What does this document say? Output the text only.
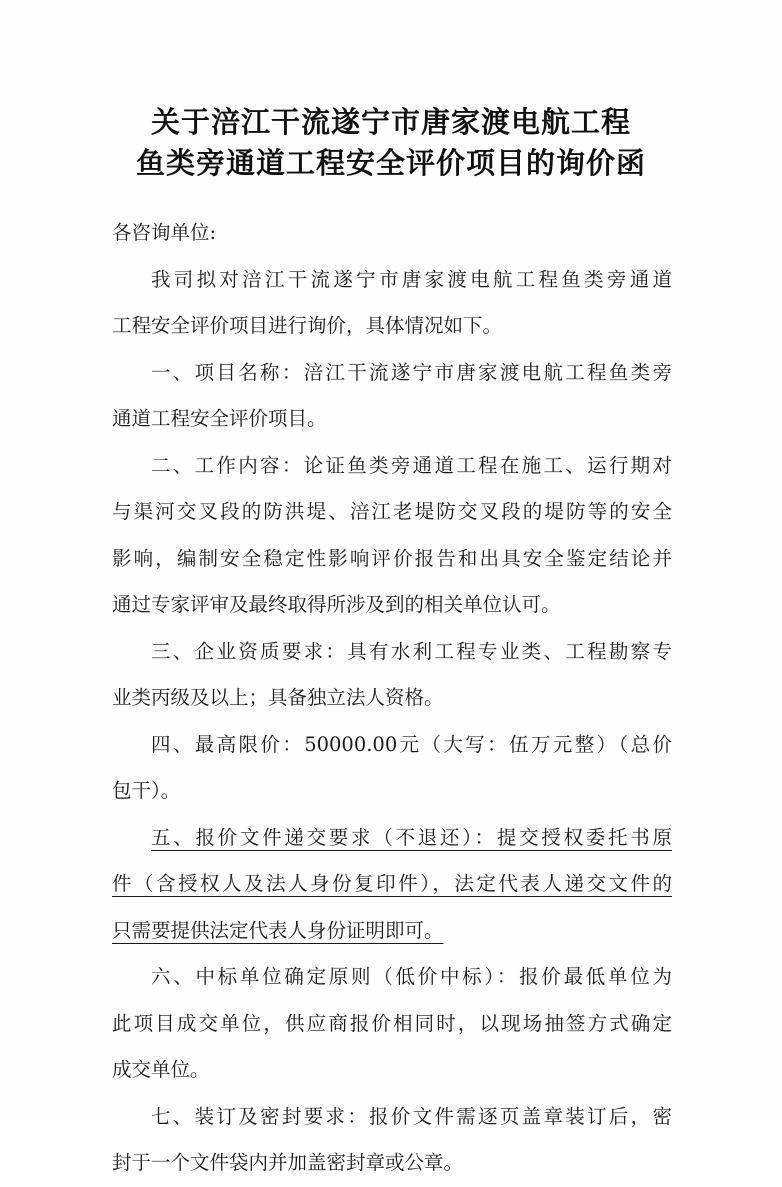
关于涪江干流遂宁市唐家渡电航工程
鱼类旁通道工程安全评价项目的询价函
各咨询单位:
我司拟对涪江干流遂宁市唐家渡电航工程鱼类旁通道
工程安全评价项目进行询价，具体情况如下。
一、项目名称：涪江干流遂宁市唐家渡电航工程鱼类旁
通道工程安全评价项目。
二、工作内容：论证鱼类旁通道工程在施工、运行期对
与渠河交叉段的防洪堤、涪江老堤防交叉段的堤防等的安全
影响，编制安全稳定性影响评价报告和出具安全鉴定结论并
通过专家评审及最终取得所涉及到的相关单位认可。
三、企业资质要求：具有水利工程专业类、工程勘察专
业类丙级及以上；具备独立法人资格。
四、最高限价：50000.00元（大写：伍万元整）（总价
包干）。
五、报价文件递交要求（不退还）：提交授权委托书原
件（含授权人及法人身份复印件），法定代表人递交文件的
只需要提供法定代表人身份证明即可。
六、中标单位确定原则（低价中标）：报价最低单位为
此项目成交单位，供应商报价相同时，以现场抽签方式确定
成交单位。
七、装订及密封要求：报价文件需逐页盖章装订后，密
封于一个文件袋内并加盖密封章或公章。
